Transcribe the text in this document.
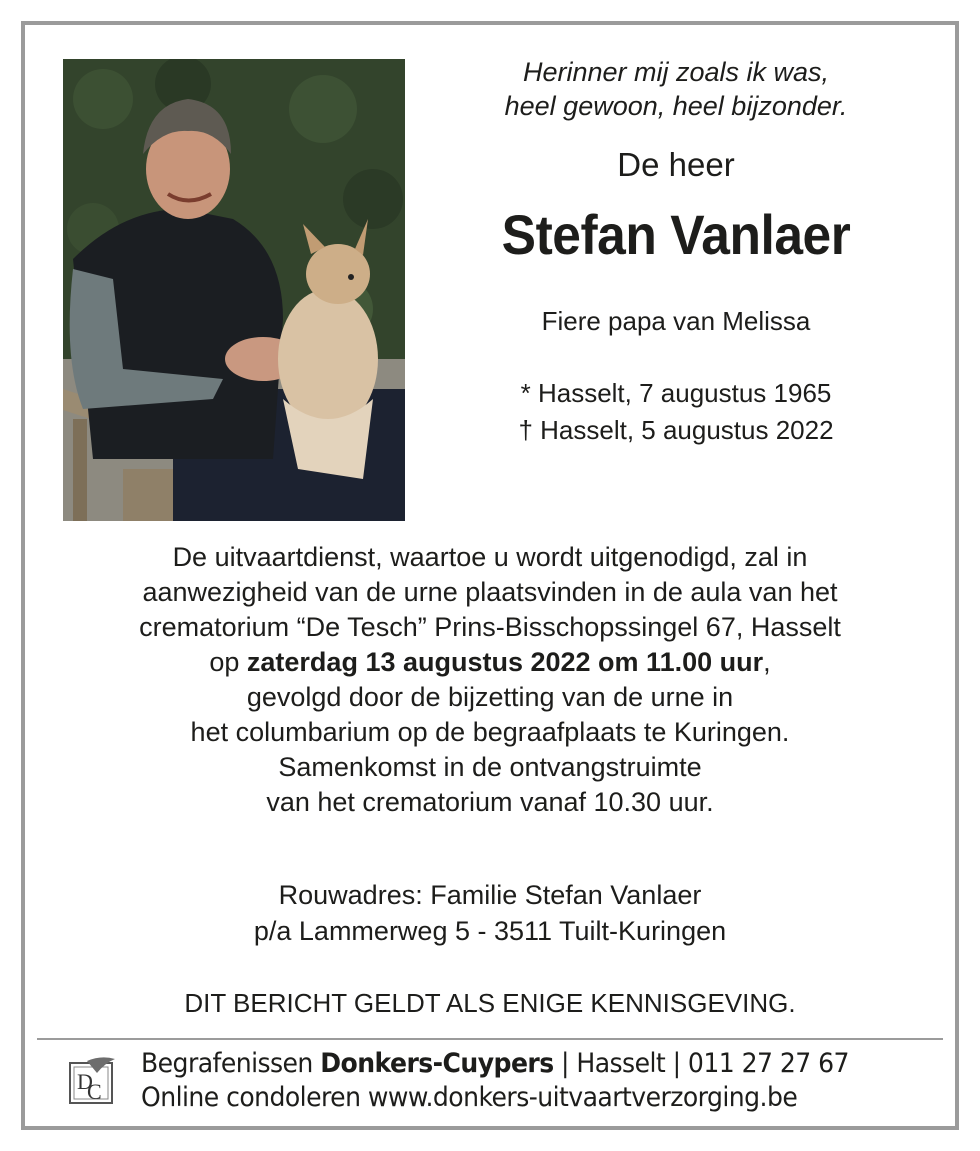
Herinner mij zoals ik was,
heel gewoon, heel bijzonder.

De heer
Stefan Vanlaer
Fiere papa van Melissa
* Hasselt, 7 augustus 1965
† Hasselt, 5 augustus 2022
De uitvaartdienst, waartoe u wordt uitgenodigd, zal in
aanwezigheid van de urne plaatsvinden in de aula van het
crematorium “De Tesch” Prins-Bisschopssingel 67, Hasselt
op zaterdag 13 augustus 2022 om 11.00 uur,
gevolgd door de bijzetting van de urne in
het columbarium op de begraafplaats te Kuringen.
Samenkomst in de ontvangstruimte
van het crematorium vanaf 10.30 uur.
Rouwadres: Familie Stefan Vanlaer
p/a Lammerweg 5 - 3511 Tuilt-Kuringen
DIT BERICHT GELDT ALS ENIGE KENNISGEVING.
D
C
Begrafenissen Donkers-Cuypers | Hasselt | 011 27 27 67
Online condoleren www.donkers-uitvaartverzorging.be
